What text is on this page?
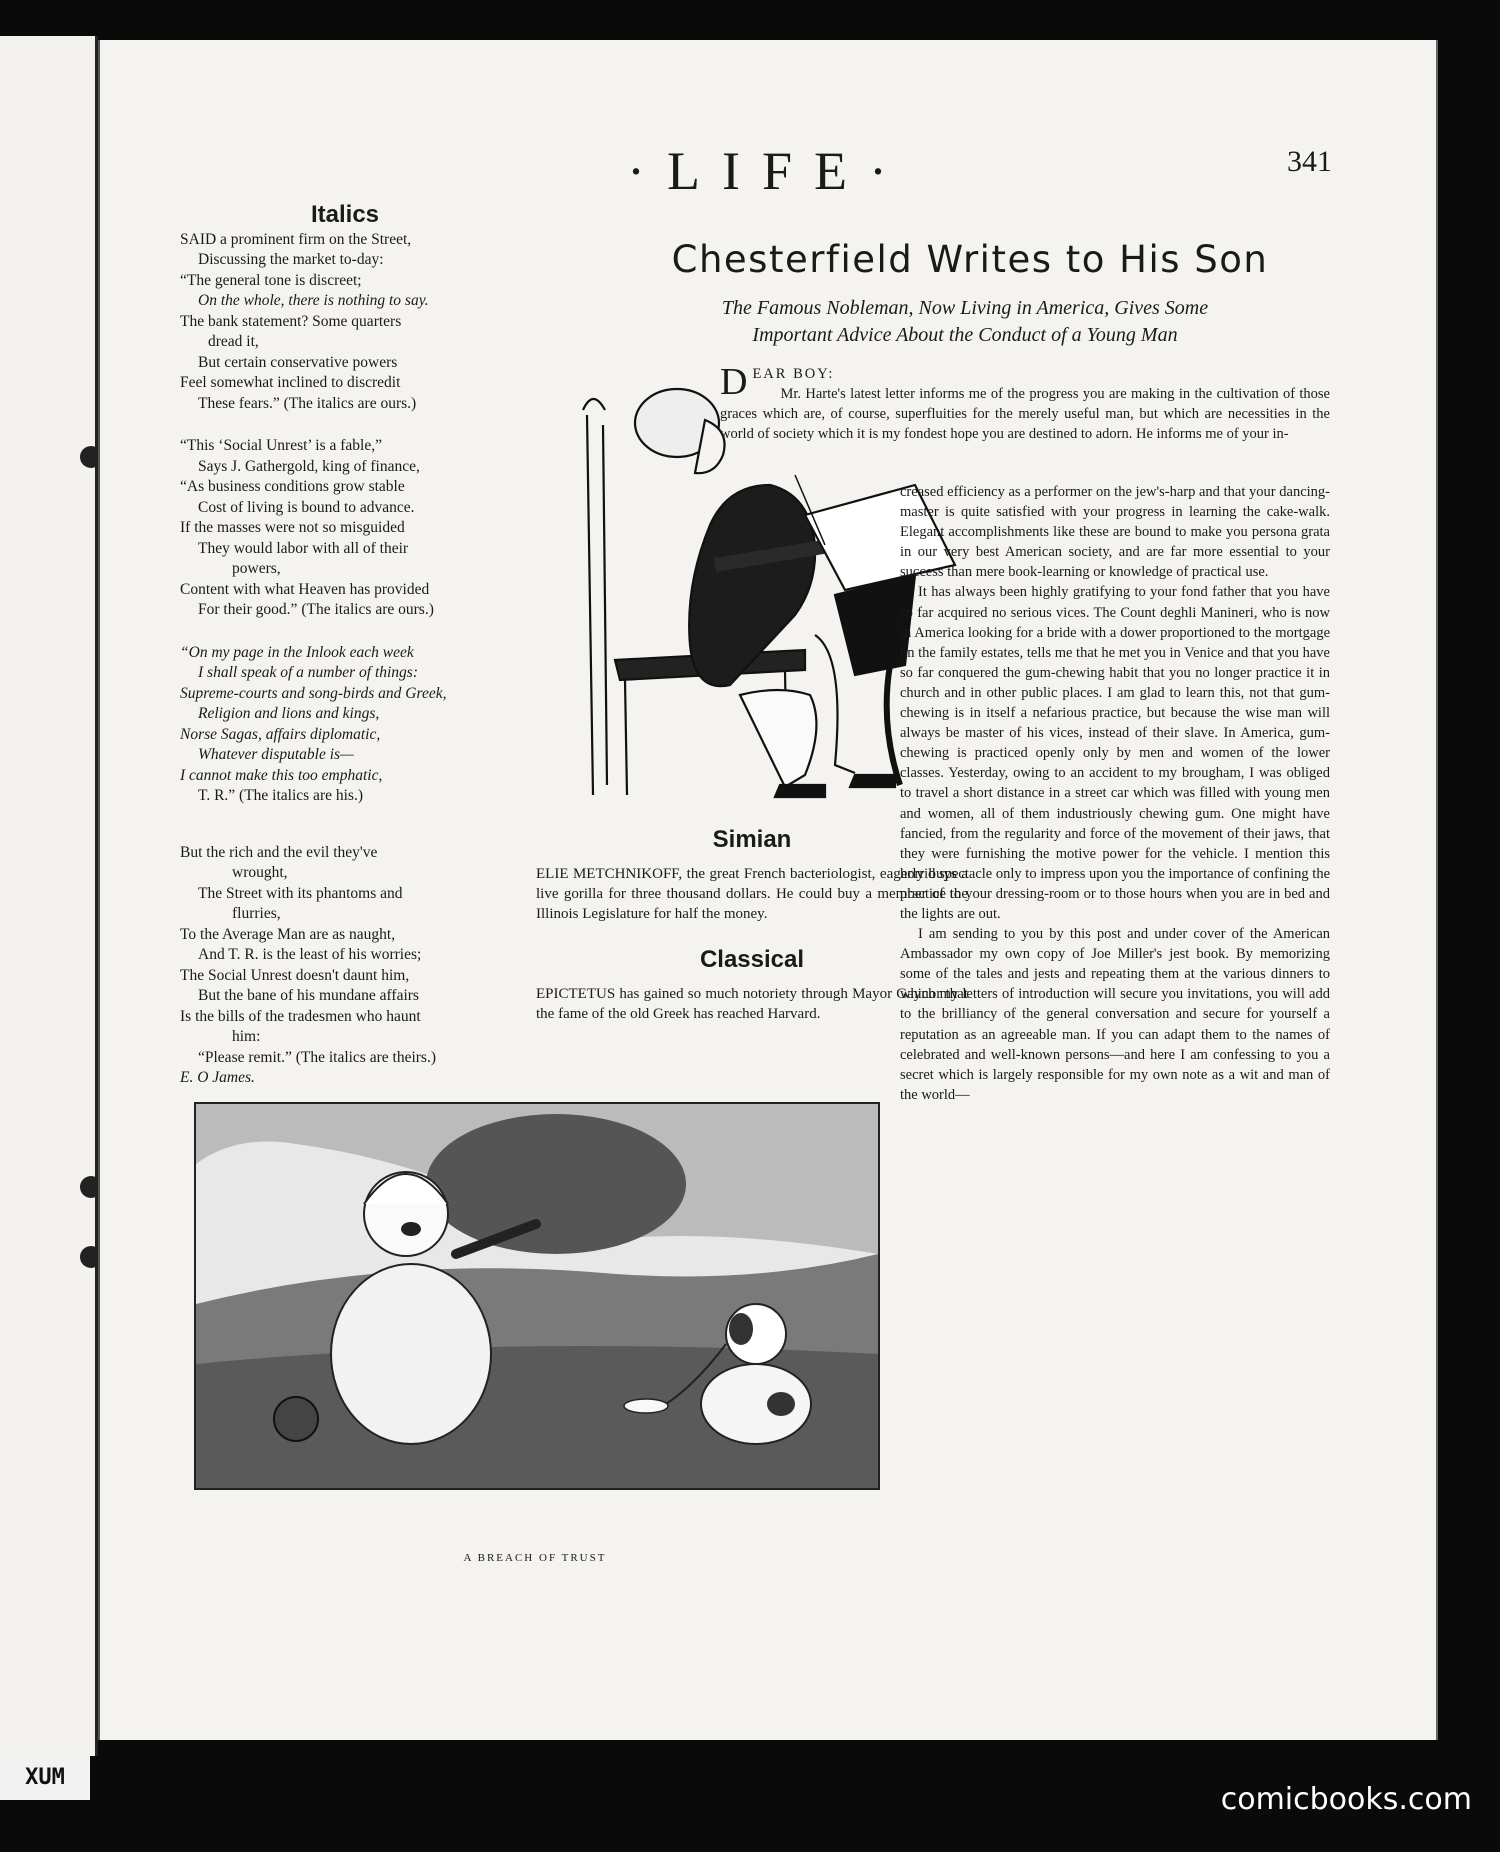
·LIFE·	341
Italics

SAID a prominent firm on the Street,

Discussing the market to-day:

“The general tone is discreet;

On the whole, there is nothing to say.

The bank statement? Some quarters

dread it,

But certain conservative powers

Feel somewhat inclined to discredit

These fears.” (The italics are ours.)

“This ‘Social Unrest’ is a fable,”

Says J. Gathergold, king of finance,

“As business conditions grow stable

Cost of living is bound to advance.

If the masses were not so misguided

They would labor with all of their

powers,

Content with what Heaven has provided

For their good.” (The italics are ours.)

“On my page in the Inlook each week

I shall speak of a number of things:

Supreme-courts and song-birds and Greek,

Religion and lions and kings,

Norse Sagas, affairs diplomatic,

Whatever disputable is—

I cannot make this too emphatic,

T. R.” (The italics are his.)

But the rich and the evil they've

wrought,

The Street with its phantoms and

flurries,

To the Average Man are as naught,

And T. R. is the least of his worries;

The Social Unrest doesn't daunt him,

But the bane of his mundane affairs

Is the bills of the tradesmen who haunt

him:

“Please remit.” (The italics are theirs.)

E. O James.

Chesterfield Writes to His Son
The Famous Nobleman, Now Living in America, Gives Some
Important Advice About the Conduct of a Young Man
D EAR BOY:
Mr. Harte's latest letter informs me of the progress you are making in the cultivation of those graces which are, of course, superfluities for the merely useful man, but which are necessities in the world of society which it is my fondest hope you are destined to adorn. He informs me of your in-

creased efficiency as a performer on the jew's-harp and that your dancing-master is quite satisfied with your progress in learning the cake-walk. Elegant accomplishments like these are bound to make you persona grata in our very best American society, and are far more essential to your success than mere book-learning or knowledge of practical use.

It has always been highly gratifying to your fond father that you have so far acquired no serious vices. The Count deghli Manineri, who is now in America looking for a bride with a dower proportioned to the mortgage on the family estates, tells me that he met you in Venice and that you have so far conquered the gum-chewing habit that you no longer practice it in church and in other public places. I am glad to learn this, not that gum-chewing is in itself a nefarious practice, but because the wise man will always be master of his vices, instead of their slave. In America, gum-chewing is practiced openly only by men and women of the lower classes. Yesterday, owing to an accident to my brougham, I was obliged to travel a short distance in a street car which was filled with young men and women, all of them industriously chewing gum. One might have fancied, from the regularity and force of the movement of their jaws, that they were furnishing the motive power for the vehicle. I mention this horrid spectacle only to impress upon you the importance of confining the practice to your dressing-room or to those hours when you are in bed and the lights are out.

I am sending to you by this post and under cover of the American Ambassador my own copy of Joe Miller's jest book. By memorizing some of the tales and jests and repeating them at the various dinners to which my letters of introduction will secure you invitations, you will add to the brilliancy of the general conversation and secure for yourself a reputation as an agreeable man. If you can adapt them to the names of celebrated and well-known persons—and here I am confessing to you a secret which is largely responsible for my own note as a wit and man of the world—

Simian

ELIE METCHNIKOFF, the great French bacteriologist, eagerly buys a live gorilla for three thousand dollars. He could buy a member of the Illinois Legislature for half the money.

Classical

EPICTETUS has gained so much notoriety through Mayor Gaynor that the fame of the old Greek has reached Harvard.

A BREACH OF TRUST
XUM
comicbooks.com
